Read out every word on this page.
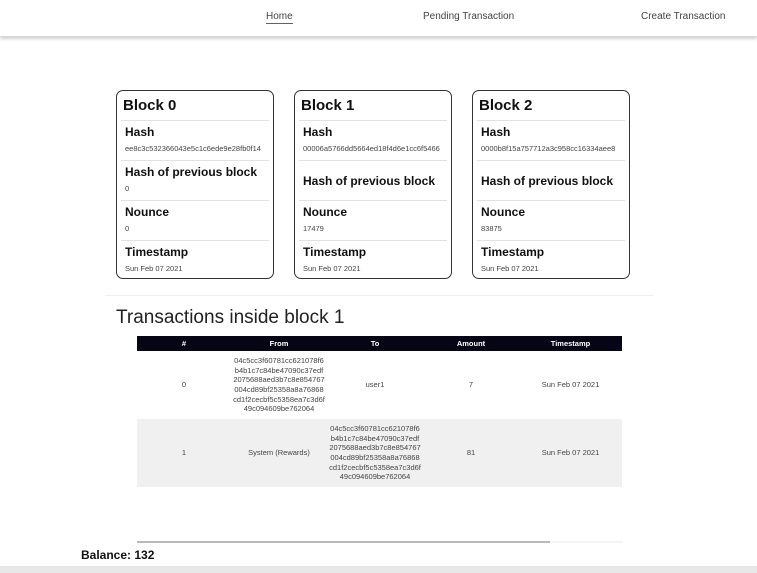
Home	Pending Transaction	Create Transaction
Block 0
Hash
ee8c3c532366043e5c1c6ede9e28fb0f14
Hash of previous block
0
Nounce
0
Timestamp
Sun Feb 07 2021
Block 1
Hash
00006a5766dd5664ed18f4d6e1cc6f5466
Hash of previous block
Nounce
17479
Timestamp
Sun Feb 07 2021
Block 2
Hash
0000b8f15a757712a3c958cc16334aee8
Hash of previous block
Nounce
83875
Timestamp
Sun Feb 07 2021
Transactions inside block 1
#	From	To	Amount	Timestamp
0	04c5cc3f60781cc621078f6b4b1c7c84be47090c37edf2075688aed3b7c8e854767004cd89bf25358a8a76868cd1f2cecbf5c5358ea7c3d6f49c094609be762064	user1	7	Sun Feb 07 2021
1	System (Rewards)	04c5cc3f60781cc621078f6b4b1c7c84be47090c37edf2075688aed3b7c8e854767004cd89bf25358a8a76868cd1f2cecbf5c5358ea7c3d6f49c094609be762064	81	Sun Feb 07 2021
Balance: 132
